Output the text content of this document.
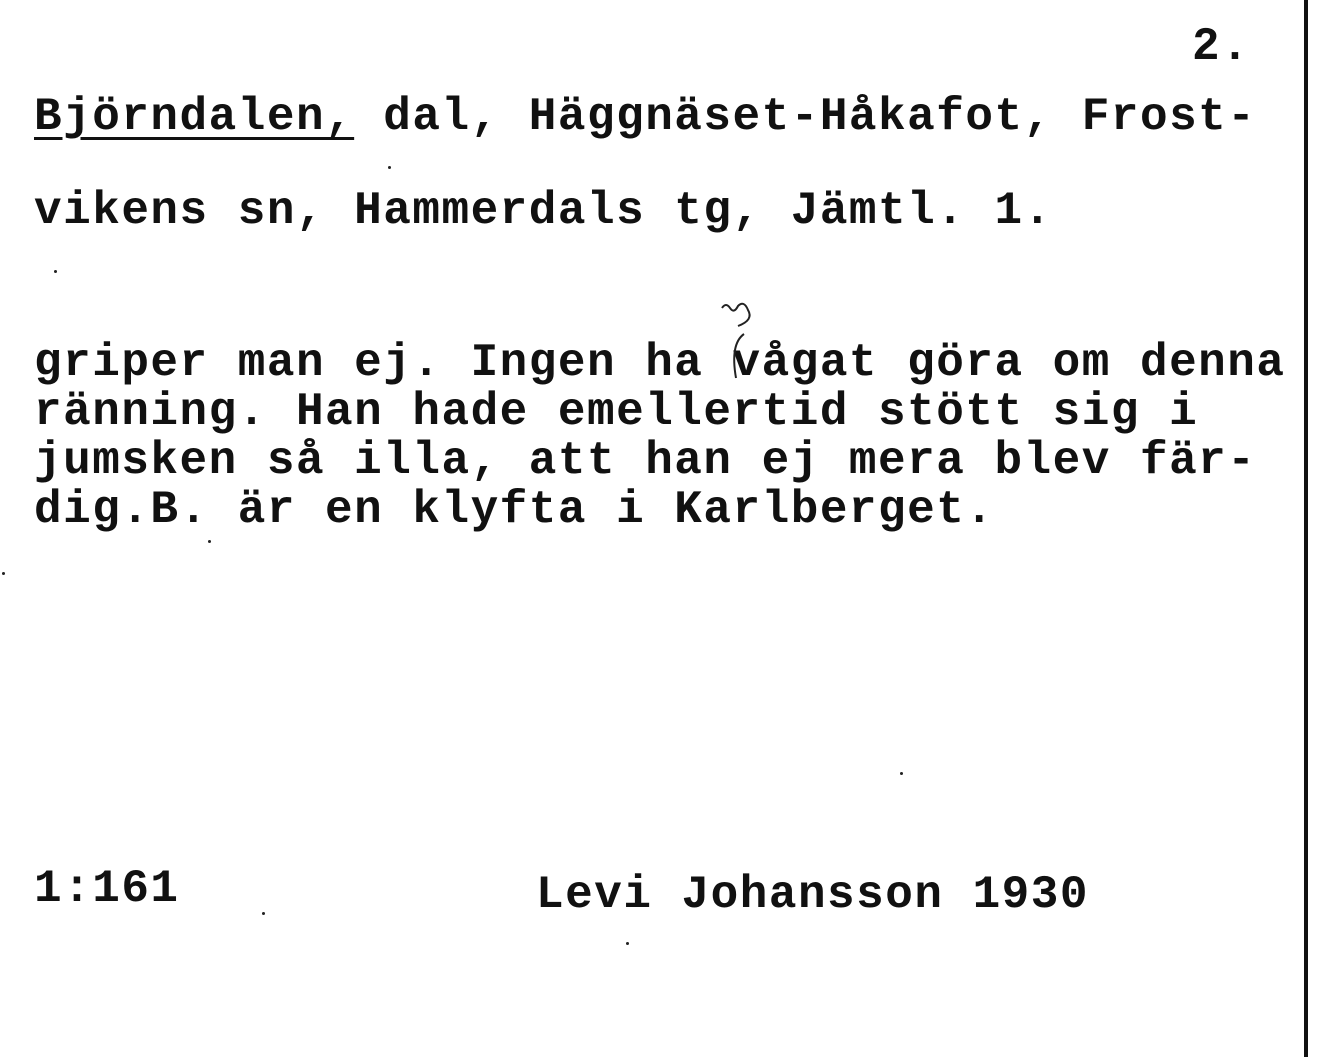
2.
Björndalen, dal, Häggnäset-Håkafot, Frost-
vikens sn, Hammerdals tg, Jämtl. 1.
griper man ej. Ingen ha vågat göra om denna
ränning. Han hade emellertid stött sig i
jumsken så illa, att han ej mera blev fär-
dig.B. är en klyfta i Karlberget.
1:161	Levi Johansson 1930
